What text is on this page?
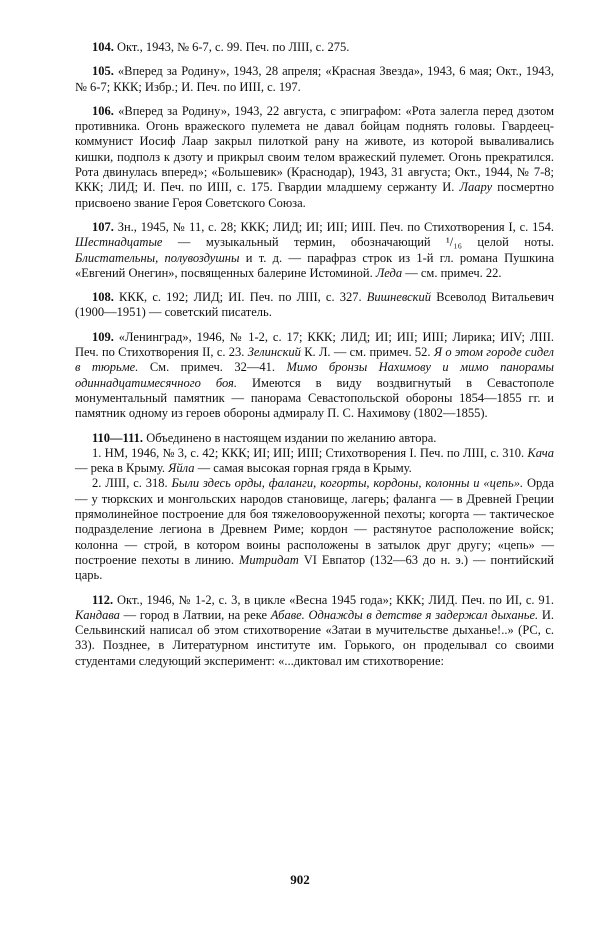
104. Окт., 1943, № 6-7, с. 99. Печ. по ЛIII, с. 275.

105. «Вперед за Родину», 1943, 28 апреля; «Красная Звезда», 1943, 6 мая; Окт., 1943, № 6-7; ККК; Избр.; И. Печ. по ИIII, с. 197.

106. «Вперед за Родину», 1943, 22 августа, с эпиграфом: «Рота залегла перед дзотом противника. Огонь вражеского пулемета не давал бойцам поднять головы. Гвардеец-коммунист Иосиф Лаар закрыл пилоткой рану на животе, из которой вываливались кишки, подполз к дзоту и прикрыл своим телом вражеский пулемет. Огонь прекратился. Рота двинулась вперед»; «Большевик» (Краснодар), 1943, 31 августа; Окт., 1944, № 7-8; ККК; ЛИД; И. Печ. по ИIII, с. 175. Гвардии младшему сержанту И. Лаару посмертно присвоено звание Героя Советского Союза.

107. Зн., 1945, № 11, с. 28; ККК; ЛИД; ИI; ИII; ИIII. Печ. по Стихотворения I, с. 154. Шестнадцатые — музыкальный термин, обозначающий ¹/₁₆ целой ноты. Блистательны, полувоздушны и т. д. — парафраз строк из 1-й гл. романа Пушкина «Евгений Онегин», посвященных балерине Истоминой. Леда — см. примеч. 22.

108. ККК, с. 192; ЛИД; ИI. Печ. по ЛIII, с. 327. Вишневский Всеволод Витальевич (1900—1951) — советский писатель.

109. «Ленинград», 1946, № 1-2, с. 17; ККК; ЛИД; ИI; ИII; ИIII; Лирика; ИIV; ЛIII. Печ. по Стихотворения II, с. 23. Зелинский К. Л. — см. примеч. 52. Я о этом городе сидел в тюрьме. См. примеч. 32—41. Мимо бронзы Нахимову и мимо панорамы одиннадцатимесячного боя. Имеются в виду воздвигнутый в Севастополе монументальный памятник — панорама Севастопольской обороны 1854—1855 гг. и памятник одному из героев обороны адмиралу П. С. Нахимову (1802—1855).

110—111. Объединено в настоящем издании по желанию автора.

1. НМ, 1946, № 3, с. 42; ККК; ИI; ИII; ИIII; Стихотворения I. Печ. по ЛIII, с. 310. Кача — река в Крыму. Яйла — самая высокая горная гряда в Крыму.

2. ЛIII, с. 318. Были здесь орды, фаланги, когорты, кордоны, колонны и «цепь». Орда — у тюркских и монгольских народов становище, лагерь; фаланга — в Древней Греции прямолинейное построение для боя тяжеловооруженной пехоты; когорта — тактическое подразделение легиона в Древнем Риме; кордон — растянутое расположение войск; колонна — строй, в котором воины расположены в затылок друг другу; «цепь» — построение пехоты в линию. Митридат VI Евпатор (132—63 до н. э.) — понтийский царь.

112. Окт., 1946, № 1-2, с. 3, в цикле «Весна 1945 года»; ККК; ЛИД. Печ. по ИI, с. 91. Кандава — город в Латвии, на реке Абаве. Однажды в детстве я задержал дыханье. И. Сельвинский написал об этом стихотворение «Затаи в мучительстве дыханье!..» (РС, с. 33). Позднее, в Литературном институте им. Горького, он проделывал со своими студентами следующий эксперимент: «...диктовал им стихотворение:

902
